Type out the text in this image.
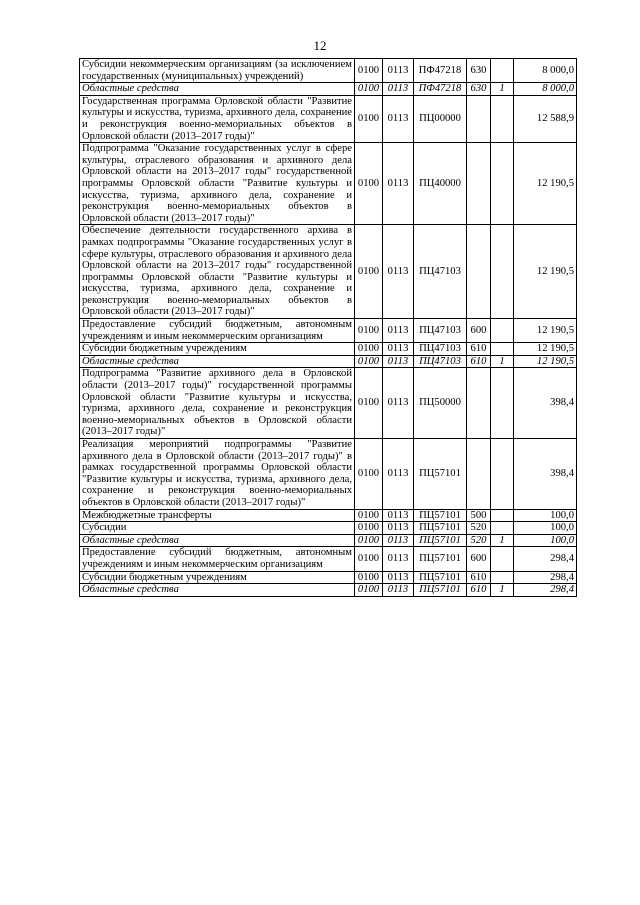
12
Субсидии некоммерческим организациям (за исключением государственных (муниципальных) учреждений)	0100	0113	ПФ47218	630		8 000,0
Областные средства	0100	0113	ПФ47218	630	1	8 000,0
Государственная программа Орловской области "Развитие культуры и искусства, туризма, архивного дела, сохранение и реконструкция военно-мемориальных объектов в Орловской области (2013–2017 годы)"	0100	0113	ПЦ00000			12 588,9
Подпрограмма "Оказание государственных услуг в сфере культуры, отраслевого образования и архивного дела Орловской области на 2013–2017 годы" государственной программы Орловской области "Развитие культуры и искусства, туризма, архивного дела, сохранение и реконструкция военно-мемориальных объектов в Орловской области (2013–2017 годы)"	0100	0113	ПЦ40000			12 190,5
Обеспечение деятельности государственного архива в рамках подпрограммы "Оказание государственных услуг в сфере культуры, отраслевого образования и архивного дела Орловской области на 2013–2017 годы" государственной программы Орловской области "Развитие культуры и искусства, туризма, архивного дела, сохранение и реконструкция военно-мемориальных объектов в Орловской области (2013–2017 годы)"	0100	0113	ПЦ47103			12 190,5
Предоставление субсидий бюджетным, автономным учреждениям и иным некоммерческим организациям	0100	0113	ПЦ47103	600		12 190,5
Субсидии бюджетным учреждениям	0100	0113	ПЦ47103	610		12 190,5
Областные средства	0100	0113	ПЦ47103	610	1	12 190,5
Подпрограмма "Развитие архивного дела в Орловской области (2013–2017 годы)" государственной программы Орловской области "Развитие культуры и искусства, туризма, архивного дела, сохранение и реконструкция военно-мемориальных объектов в Орловской области (2013–2017 годы)"	0100	0113	ПЦ50000			398,4
Реализация мероприятий подпрограммы "Развитие архивного дела в Орловской области (2013–2017 годы)" в рамках государственной программы Орловской области "Развитие культуры и искусства, туризма, архивного дела, сохранение и реконструкция военно-мемориальных объектов в Орловской области (2013–2017 годы)"	0100	0113	ПЦ57101			398,4
Межбюджетные трансферты	0100	0113	ПЦ57101	500		100,0
Субсидии	0100	0113	ПЦ57101	520		100,0
Областные средства	0100	0113	ПЦ57101	520	1	100,0
Предоставление субсидий бюджетным, автономным учреждениям и иным некоммерческим организациям	0100	0113	ПЦ57101	600		298,4
Субсидии бюджетным учреждениям	0100	0113	ПЦ57101	610		298,4
Областные средства	0100	0113	ПЦ57101	610	1	298,4
